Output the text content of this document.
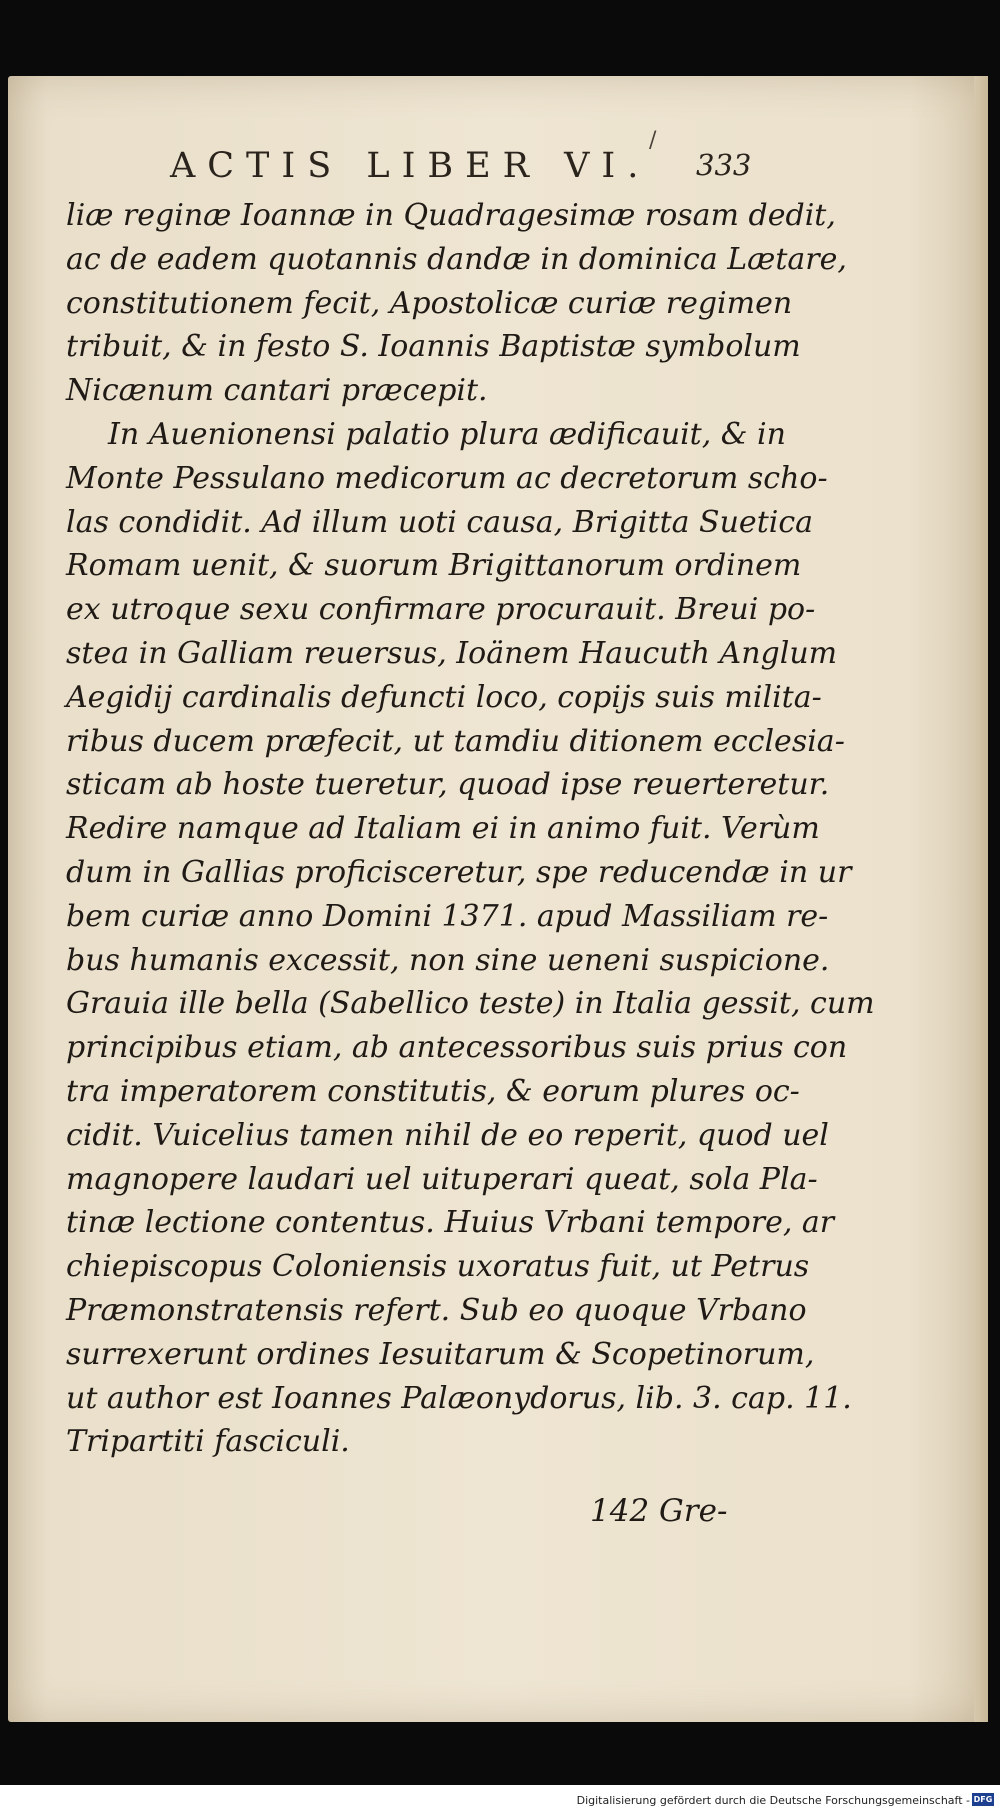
/
ACTIS LIBER VI.	333
liæ reginæ Ioannæ in Quadragesimæ rosam dedit,
ac de eadem quotannis dandæ in dominica Lætare,
constitutionem fecit, Apostolicæ curiæ regimen
tribuit, & in festo S. Ioannis Baptistæ symbolum
Nicænum cantari præcepit.
In Auenionensi palatio plura ædificauit, & in
Monte Pessulano medicorum ac decretorum scho-
las condidit. Ad illum uoti causa, Brigitta Suetica
Romam uenit, & suorum Brigittanorum ordinem
ex utroque sexu confirmare procurauit. Breui po-
stea in Galliam reuersus, Ioänem Haucuth Anglum
Aegidij cardinalis defuncti loco, copijs suis milita-
ribus ducem præfecit, ut tamdiu ditionem ecclesia-
sticam ab hoste tueretur, quoad ipse reuerteretur.
Redire namque ad Italiam ei in animo fuit. Verùm
dum in Gallias proficisceretur, spe reducendæ in ur
bem curiæ anno Domini 1371. apud Massiliam re-
bus humanis excessit, non sine ueneni suspicione.
Grauia ille bella (Sabellico teste) in Italia gessit, cum
principibus etiam, ab antecessoribus suis prius con
tra imperatorem constitutis, & eorum plures oc-
cidit. Vuicelius tamen nihil de eo reperit, quod uel
magnopere laudari uel uituperari queat, sola Pla-
tinæ lectione contentus. Huius Vrbani tempore, ar
chiepiscopus Coloniensis uxoratus fuit, ut Petrus
Præmonstratensis refert. Sub eo quoque Vrbano
surrexerunt ordines Iesuitarum & Scopetinorum,
ut author est Ioannes Palæonydorus, lib. 3. cap. 11.
Tripartiti fasciculi.
142 Gre-
Digitalisierung gefördert durch die Deutsche Forschungsgemeinschaft - DFG
